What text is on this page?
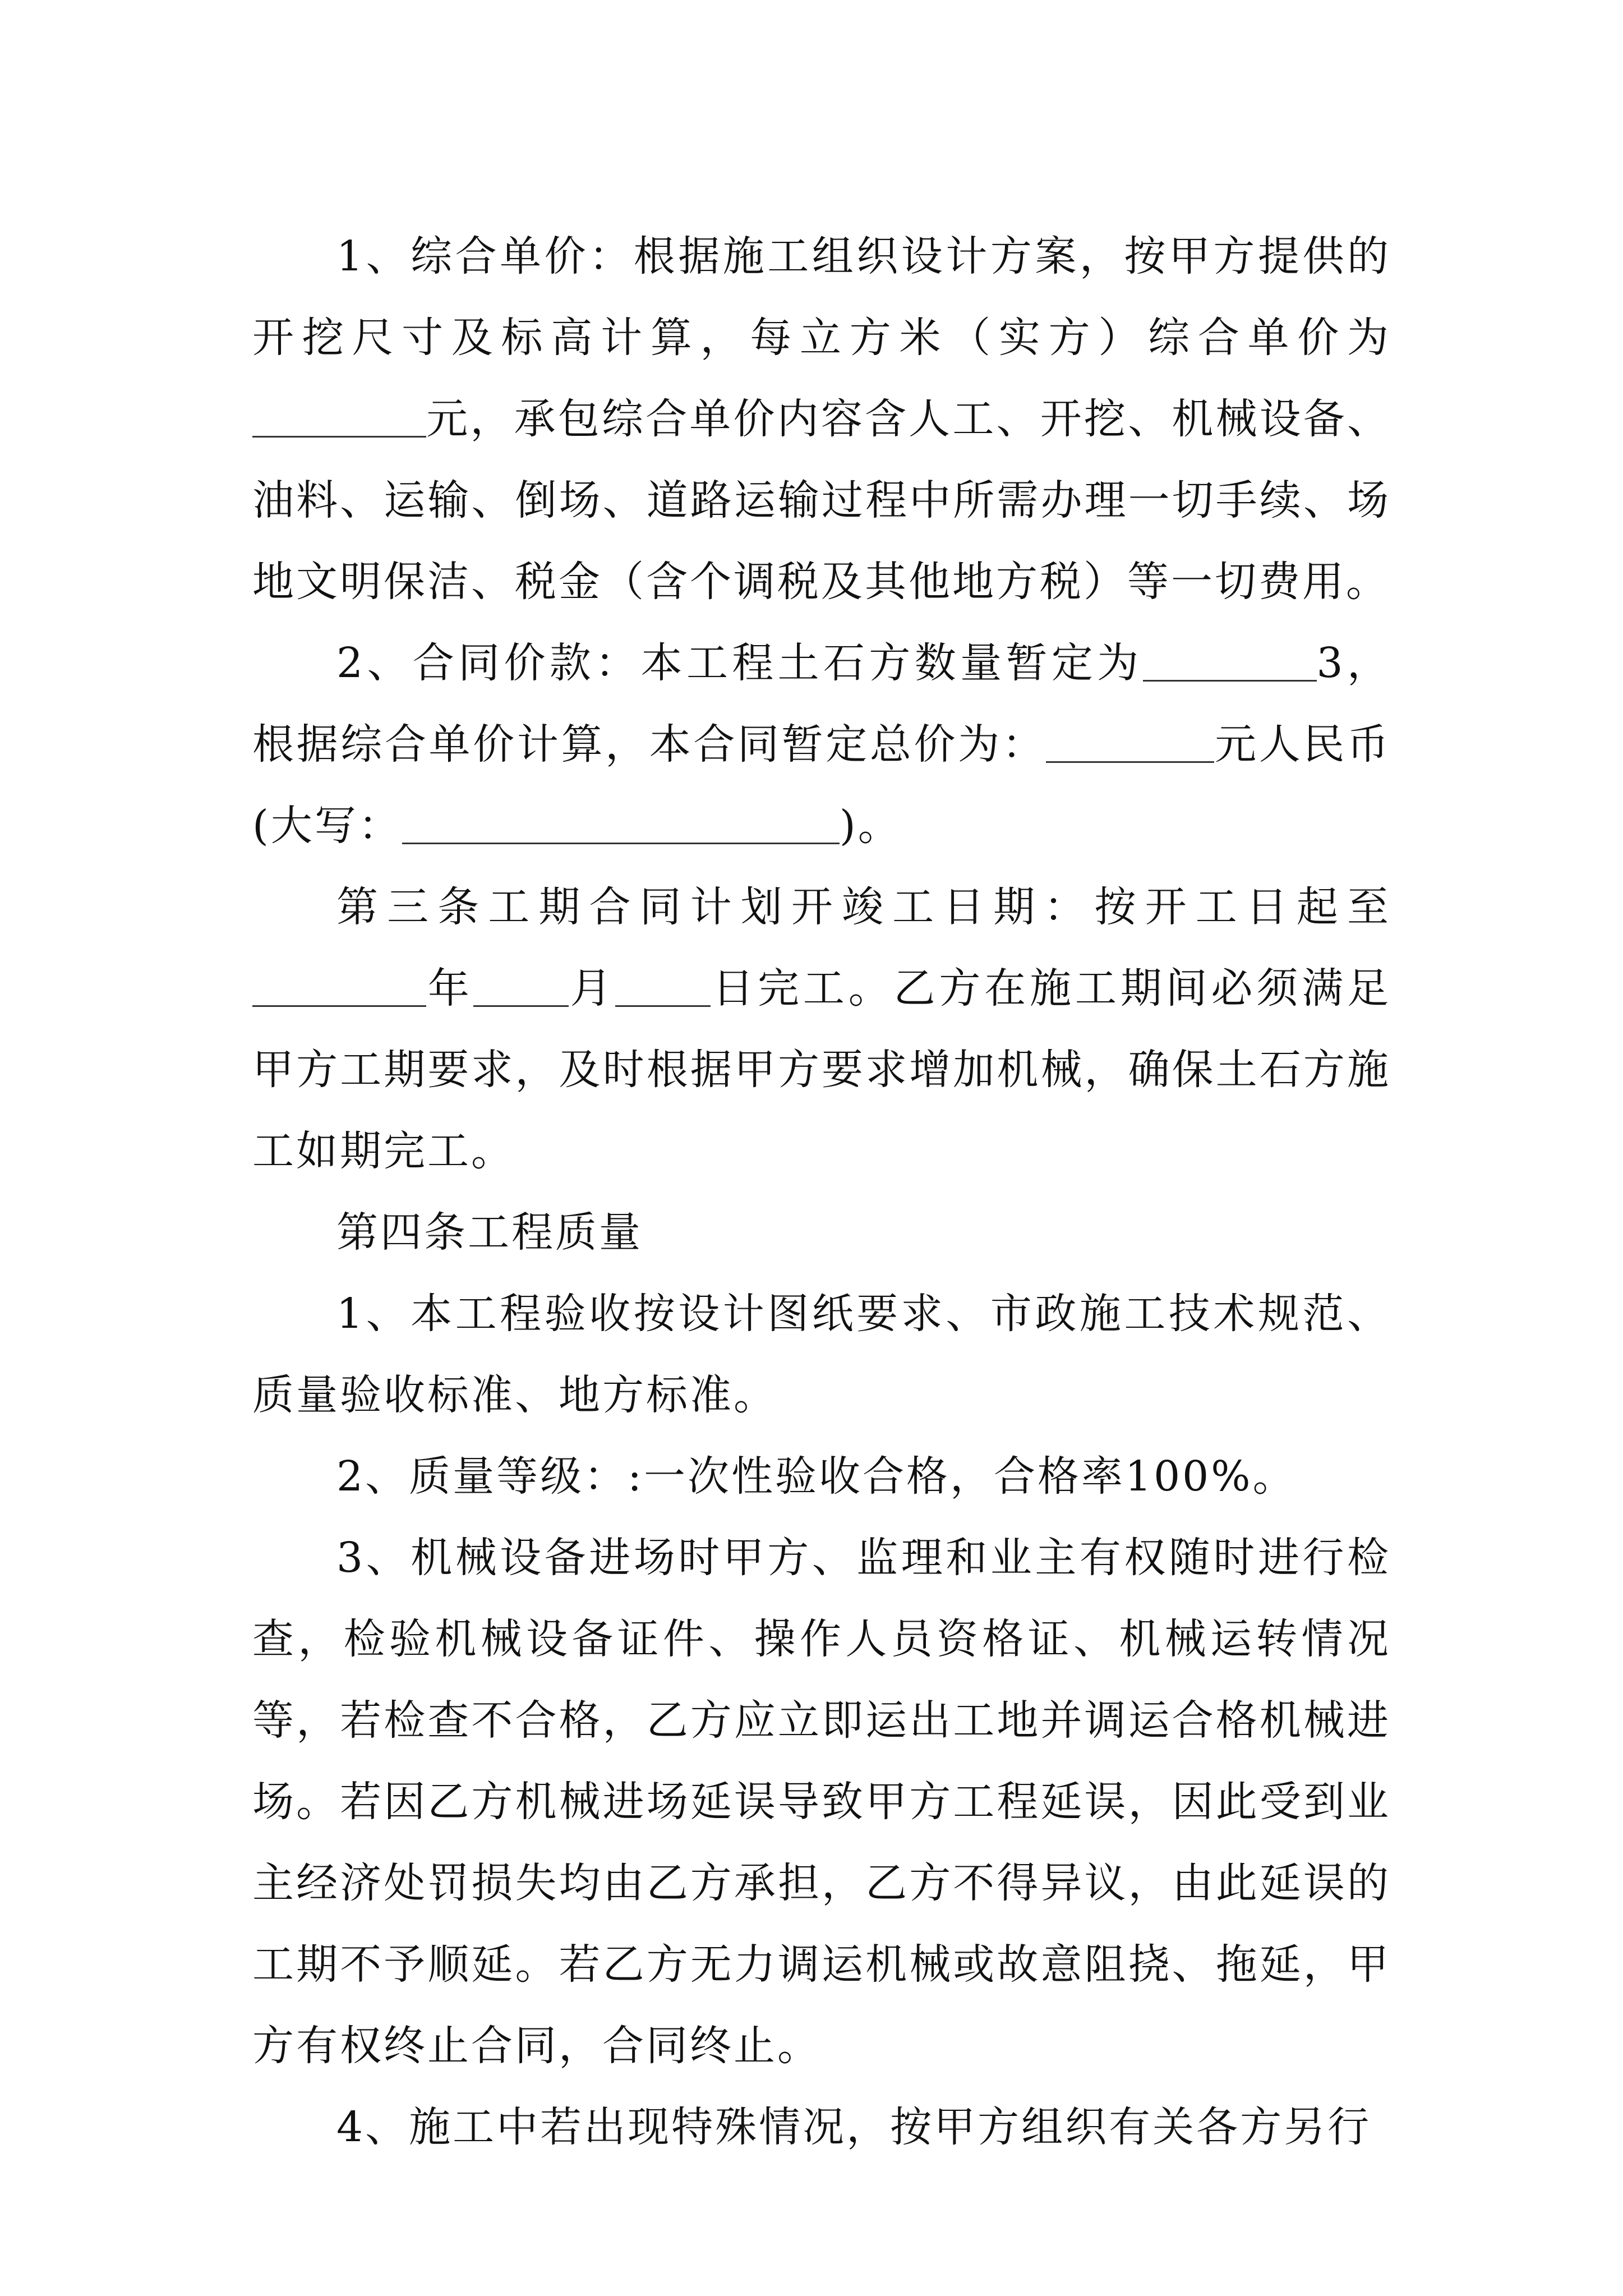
1、综合单价：根据施工组织设计方案，按甲方提供的开挖尺寸及标高计算，每立方米（实方）综合单价为元，承包综合单价内容含人工、开挖、机械设备、油料、运输、倒场、道路运输过程中所需办理一切手续、场地文明保洁、税金（含个调税及其他地方税）等一切费用。

2、合同价款：本工程土石方数量暂定为	3，根据综合单价计算，本合同暂定总价为：	元人民币(大写：	)。

第三条工期合同计划开竣工日期：按开工日起至年 月 日完工。乙方在施工期间必须满足甲方工期要求，及时根据甲方要求增加机械，确保土石方施工如期完工。

第四条工程质量

1、本工程验收按设计图纸要求、市政施工技术规范、质量验收标准、地方标准。

2、质量等级：:一次性验收合格，合格率100%。

3、机械设备进场时甲方、监理和业主有权随时进行检查，检验机械设备证件、操作人员资格证、机械运转情况等，若检查不合格，乙方应立即运出工地并调运合格机械进场。若因乙方机械进场延误导致甲方工程延误，因此受到业主经济处罚损失均由乙方承担，乙方不得异议，由此延误的工期不予顺延。若乙方无力调运机械或故意阻挠、拖延，甲方有权终止合同，合同终止。

4、施工中若出现特殊情况，按甲方组织有关各方另行
